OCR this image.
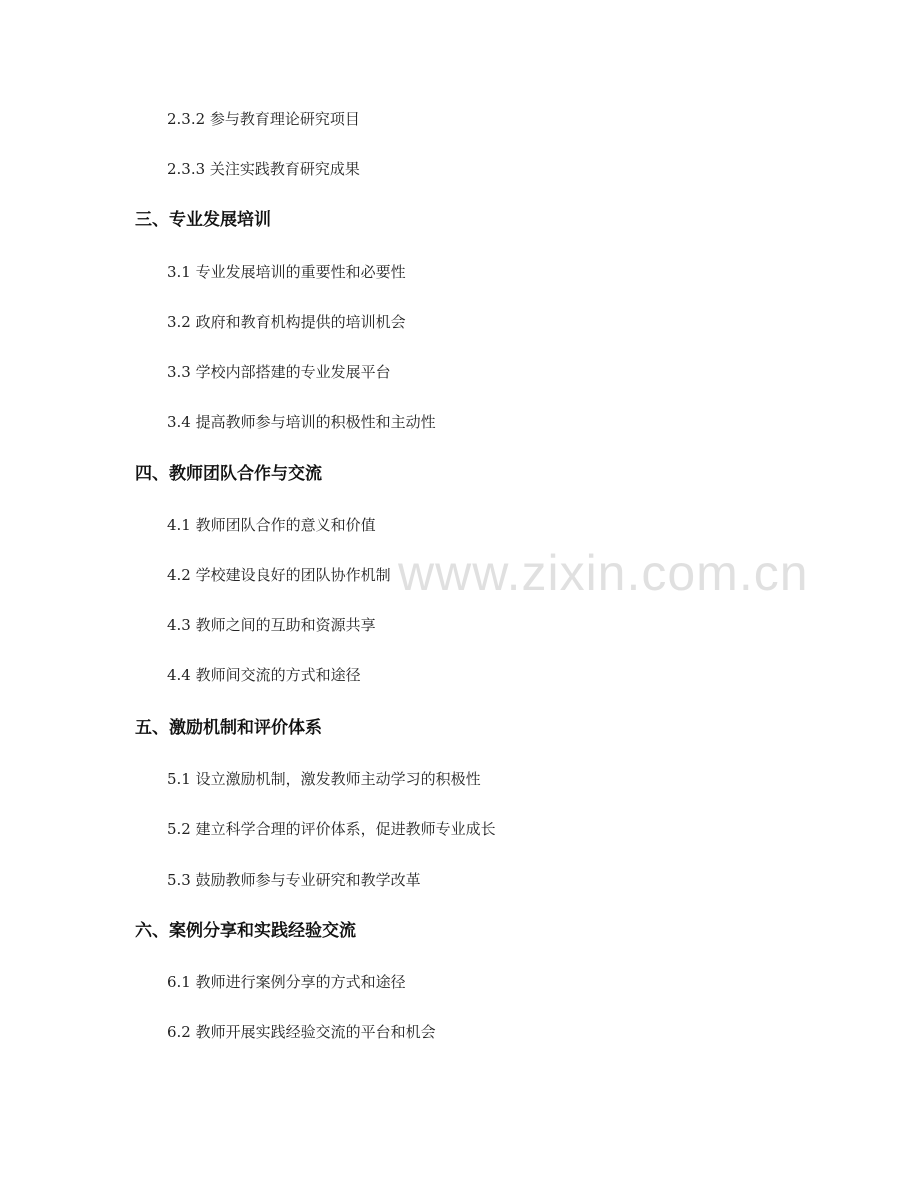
2.3.2 参与教育理论研究项目
2.3.3 关注实践教育研究成果
三、专业发展培训
3.1 专业发展培训的重要性和必要性
3.2 政府和教育机构提供的培训机会
3.3 学校内部搭建的专业发展平台
3.4 提高教师参与培训的积极性和主动性
四、教师团队合作与交流
4.1 教师团队合作的意义和价值
4.2 学校建设良好的团队协作机制
4.3 教师之间的互助和资源共享
4.4 教师间交流的方式和途径
五、激励机制和评价体系
5.1 设立激励机制，激发教师主动学习的积极性
5.2 建立科学合理的评价体系，促进教师专业成长
5.3 鼓励教师参与专业研究和教学改革
六、案例分享和实践经验交流
6.1 教师进行案例分享的方式和途径
6.2 教师开展实践经验交流的平台和机会
www.zixin.com.cn
